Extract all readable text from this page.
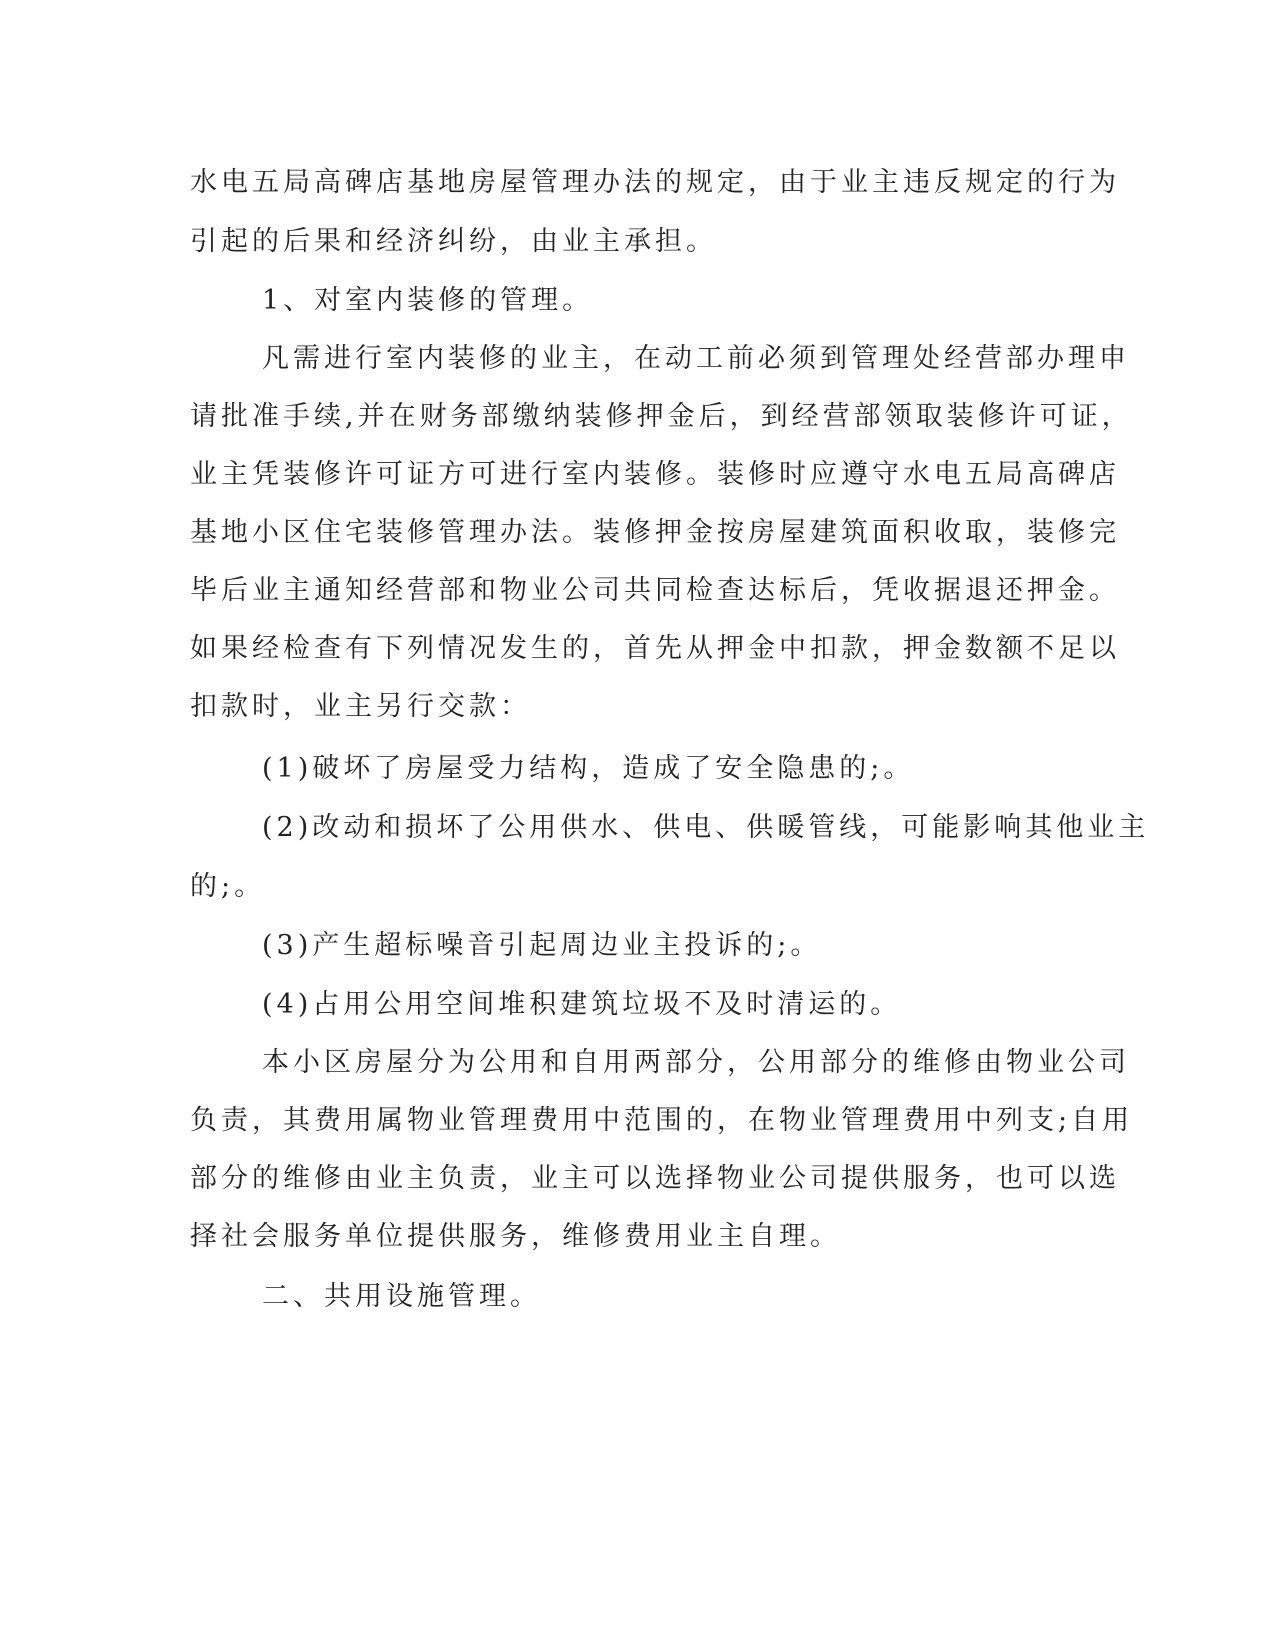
水电五局高碑店基地房屋管理办法的规定，由于业主违反规定的行为
引起的后果和经济纠纷，由业主承担。
1、对室内装修的管理。
凡需进行室内装修的业主，在动工前必须到管理处经营部办理申
请批准手续,并在财务部缴纳装修押金后，到经营部领取装修许可证，
业主凭装修许可证方可进行室内装修。装修时应遵守水电五局高碑店
基地小区住宅装修管理办法。装修押金按房屋建筑面积收取，装修完
毕后业主通知经营部和物业公司共同检查达标后，凭收据退还押金。
如果经检查有下列情况发生的，首先从押金中扣款，押金数额不足以
扣款时，业主另行交款：
(1)破坏了房屋受力结构，造成了安全隐患的;。
(2)改动和损坏了公用供水、供电、供暖管线，可能影响其他业主
的;。
(3)产生超标噪音引起周边业主投诉的;。
(4)占用公用空间堆积建筑垃圾不及时清运的。
本小区房屋分为公用和自用两部分，公用部分的维修由物业公司
负责，其费用属物业管理费用中范围的，在物业管理费用中列支;自用
部分的维修由业主负责，业主可以选择物业公司提供服务，也可以选
择社会服务单位提供服务，维修费用业主自理。
二、共用设施管理。
